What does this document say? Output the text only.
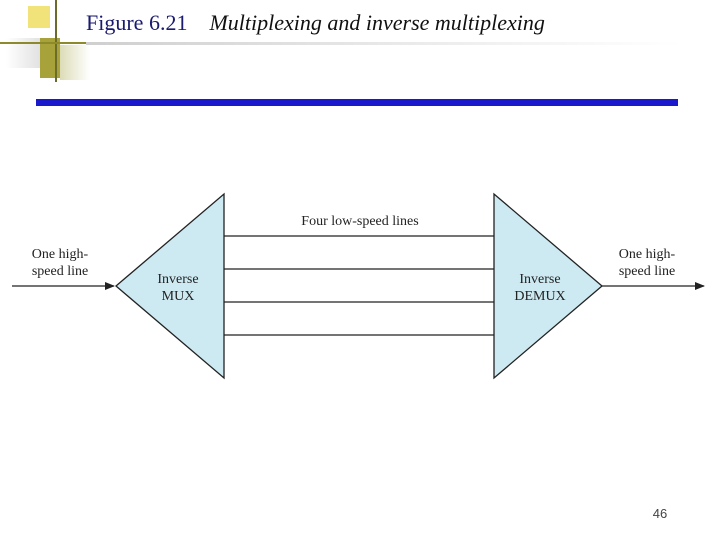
Figure 6.21 Multiplexing and inverse multiplexing
Four low-speed lines
Inverse
MUX
Inverse
DEMUX
One high-
speed line
One high-
speed line
46
